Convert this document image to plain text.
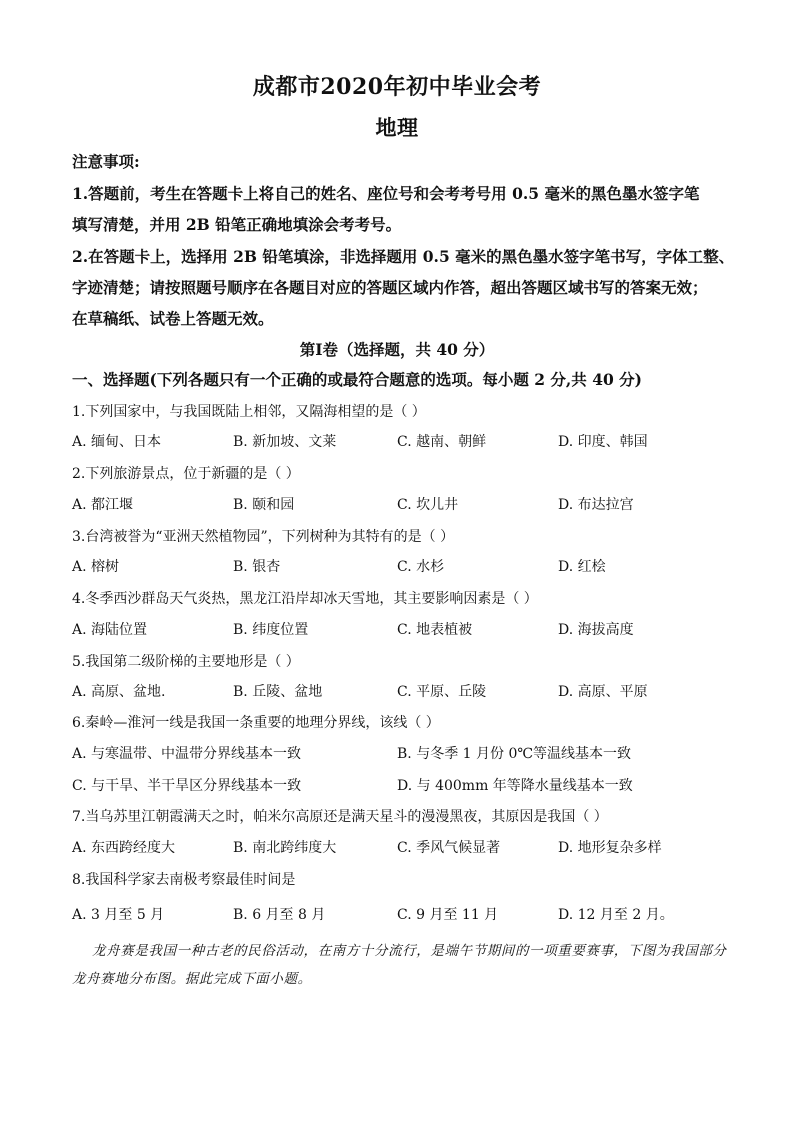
成都市2020年初中毕业会考
地理
注意事项:
1.答题前，考生在答题卡上将自己的姓名、座位号和会考考号用 0.5 毫米的黑色墨水签字笔
填写清楚，并用 2B 铅笔正确地填涂会考考号。
2.在答题卡上，选择用 2B 铅笔填涂，非选择题用 0.5 毫米的黑色墨水签字笔书写，字体工整、
字迹清楚；请按照题号顺序在各题目对应的答题区域内作答，超出答题区域书写的答案无效；
在草稿纸、试卷上答题无效。
第Ⅰ卷（选择题，共 40 分）
一、选择题(下列各题只有一个正确的或最符合题意的选项。每小题 2 分,共 40 分)
1.下列国家中，与我国既陆上相邻，又隔海相望的是（ ）
A. 缅甸、日本	B. 新加坡、文莱	C. 越南、朝鲜	D. 印度、韩国
2.下列旅游景点，位于新疆的是（ ）
A. 都江堰	B. 颐和园	C. 坎儿井	D. 布达拉宫
3.台湾被誉为“亚洲天然植物园”，下列树种为其特有的是（ ）
A. 榕树	B. 银杏	C. 水杉	D. 红桧
4.冬季西沙群岛天气炎热，黑龙江沿岸却冰天雪地，其主要影响因素是（ ）
A. 海陆位置	B. 纬度位置	C. 地表植被	D. 海拔高度
5.我国第二级阶梯的主要地形是（ ）
A. 高原、盆地.	B. 丘陵、盆地	C. 平原、丘陵	D. 高原、平原
6.秦岭—淮河一线是我国一条重要的地理分界线，该线（ ）
A. 与寒温带、中温带分界线基本一致	B. 与冬季 1 月份 0℃等温线基本一致
C. 与干旱、半干旱区分界线基本一致	D. 与 400mm 年等降水量线基本一致
7.当乌苏里江朝霞满天之时，帕米尔高原还是满天星斗的漫漫黑夜，其原因是我国（ ）
A. 东西跨经度大	B. 南北跨纬度大	C. 季风气候显著	D. 地形复杂多样
8.我国科学家去南极考察最佳时间是
A. 3 月至 5 月	B. 6 月至 8 月	C. 9 月至 11 月	D. 12 月至 2 月。
龙舟赛是我国一种古老的民俗活动，在南方十分流行，是端午节期间的一项重要赛事，下图为我国部分龙舟赛地分布图。据此完成下面小题。
